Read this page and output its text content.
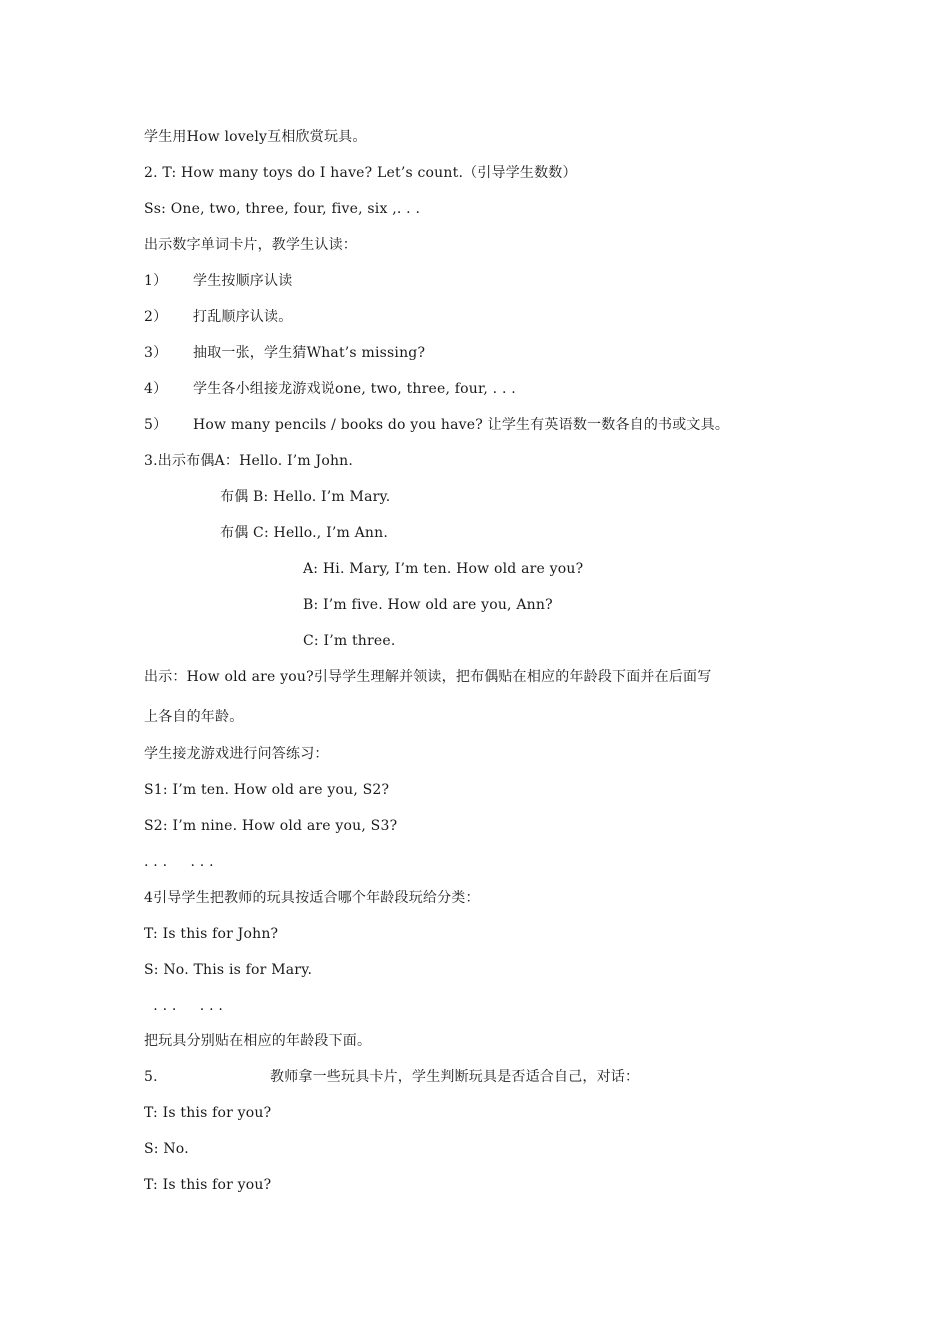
学生用How lovely互相欣赏玩具。
2. T: How many toys do I have? Let’s count.（引导学生数数）
Ss: One, two, three, four, five, six ,. . .
出示数字单词卡片，教学生认读：
1） 学生按顺序认读
2） 打乱顺序认读。
3） 抽取一张，学生猜What’s missing?
4） 学生各小组接龙游戏说one, two, three, four, . . .
5） How many pencils / books do you have? 让学生有英语数一数各自的书或文具。
3.出示布偶A：Hello. I’m John.
布偶 B: Hello. I’m Mary.
布偶 C: Hello., I’m Ann.
A: Hi. Mary, I’m ten. How old are you?
B: I’m five. How old are you, Ann?
C: I’m three.
出示：How old are you?引导学生理解并领读，把布偶贴在相应的年龄段下面并在后面写
上各自的年龄。
学生接龙游戏进行问答练习：
S1: I’m ten. How old are you, S2?
S2: I’m nine. How old are you, S3?
. . .     . . .
4引导学生把教师的玩具按适合哪个年龄段玩给分类：
T: Is this for John?
S: No. This is for Mary.
. . .     . . .
把玩具分别贴在相应的年龄段下面。
5.	教师拿一些玩具卡片，学生判断玩具是否适合自己，对话：
T: Is this for you?
S: No.
T: Is this for you?
